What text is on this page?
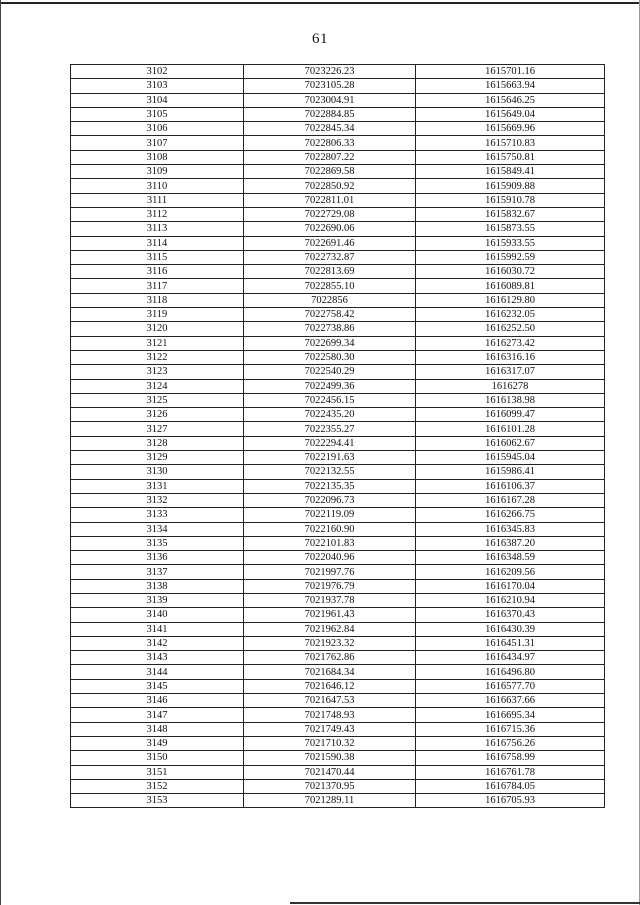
61
3102	7023226.23	1615701.16
3103	7023105.28	1615663.94
3104	7023004.91	1615646.25
3105	7022884.85	1615649.04
3106	7022845.34	1615669.96
3107	7022806.33	1615710.83
3108	7022807.22	1615750.81
3109	7022869.58	1615849.41
3110	7022850.92	1615909.88
3111	7022811.01	1615910.78
3112	7022729.08	1615832.67
3113	7022690.06	1615873.55
3114	7022691.46	1615933.55
3115	7022732.87	1615992.59
3116	7022813.69	1616030.72
3117	7022855.10	1616089.81
3118	7022856	1616129.80
3119	7022758.42	1616232.05
3120	7022738.86	1616252.50
3121	7022699.34	1616273.42
3122	7022580.30	1616316.16
3123	7022540.29	1616317.07
3124	7022499.36	1616278
3125	7022456.15	1616138.98
3126	7022435.20	1616099.47
3127	7022355.27	1616101.28
3128	7022294.41	1616062.67
3129	7022191.63	1615945.04
3130	7022132.55	1615986.41
3131	7022135.35	1616106.37
3132	7022096.73	1616167.28
3133	7022119.09	1616266.75
3134	7022160.90	1616345.83
3135	7022101.83	1616387.20
3136	7022040.96	1616348.59
3137	7021997.76	1616209.56
3138	7021976.79	1616170.04
3139	7021937.78	1616210.94
3140	7021961.43	1616370.43
3141	7021962.84	1616430.39
3142	7021923.32	1616451.31
3143	7021762.86	1616434.97
3144	7021684.34	1616496.80
3145	7021646.12	1616577.70
3146	7021647.53	1616637.66
3147	7021748.93	1616695.34
3148	7021749.43	1616715.36
3149	7021710.32	1616756.26
3150	7021590.38	1616758.99
3151	7021470.44	1616761.78
3152	7021370.95	1616784.05
3153	7021289.11	1616705.93
